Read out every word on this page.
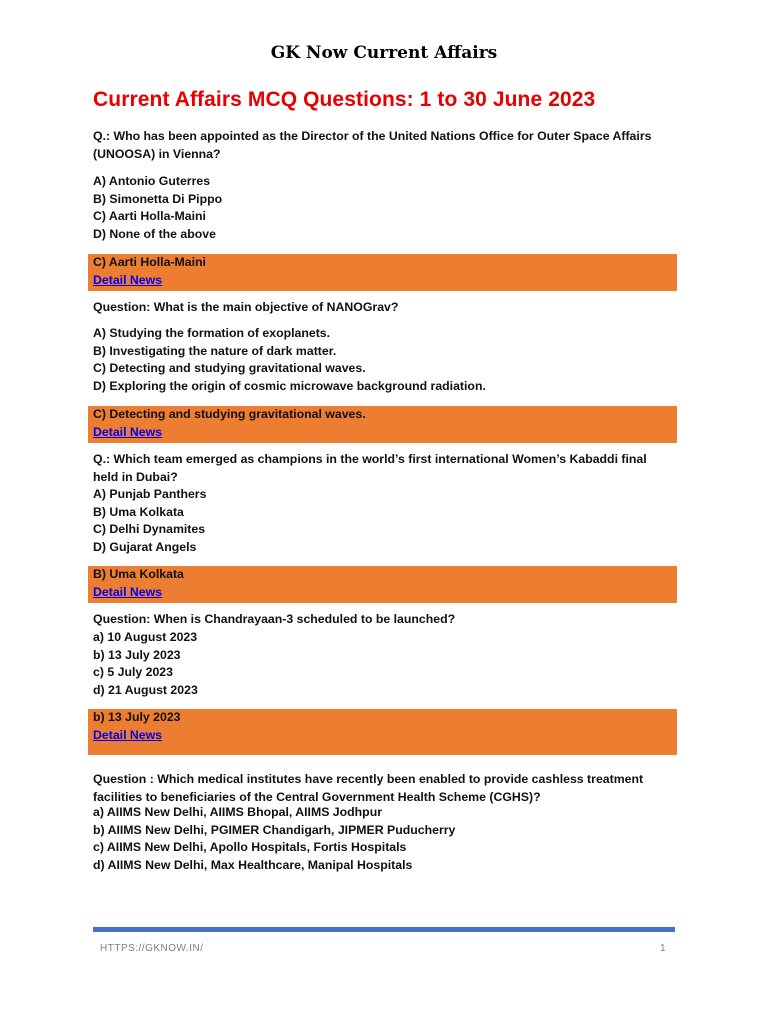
GK Now Current Affairs
Current Affairs MCQ Questions: 1 to 30 June 2023
Q.: Who has been appointed as the Director of the United Nations Office for Outer Space Affairs (UNOOSA) in Vienna?
A) Antonio Guterres
B) Simonetta Di Pippo
C) Aarti Holla-Maini
D) None of the above
C) Aarti Holla-Maini
Detail News
Question: What is the main objective of NANOGrav?
A) Studying the formation of exoplanets.
B) Investigating the nature of dark matter.
C) Detecting and studying gravitational waves.
D) Exploring the origin of cosmic microwave background radiation.
C) Detecting and studying gravitational waves.
Detail News
Q.: Which team emerged as champions in the world’s first international Women’s Kabaddi final held in Dubai?
A) Punjab Panthers
B) Uma Kolkata
C) Delhi Dynamites
D) Gujarat Angels
B) Uma Kolkata
Detail News
Question: When is Chandrayaan-3 scheduled to be launched?
a) 10 August 2023
b) 13 July 2023
c) 5 July 2023
d) 21 August 2023
b) 13 July 2023
Detail News
Question : Which medical institutes have recently been enabled to provide cashless treatment facilities to beneficiaries of the Central Government Health Scheme (CGHS)?
a) AIIMS New Delhi, AIIMS Bhopal, AIIMS Jodhpur
b) AIIMS New Delhi, PGIMER Chandigarh, JIPMER Puducherry
c) AIIMS New Delhi, Apollo Hospitals, Fortis Hospitals
d) AIIMS New Delhi, Max Healthcare, Manipal Hospitals
HTTPS://GKNOW.IN/	1
